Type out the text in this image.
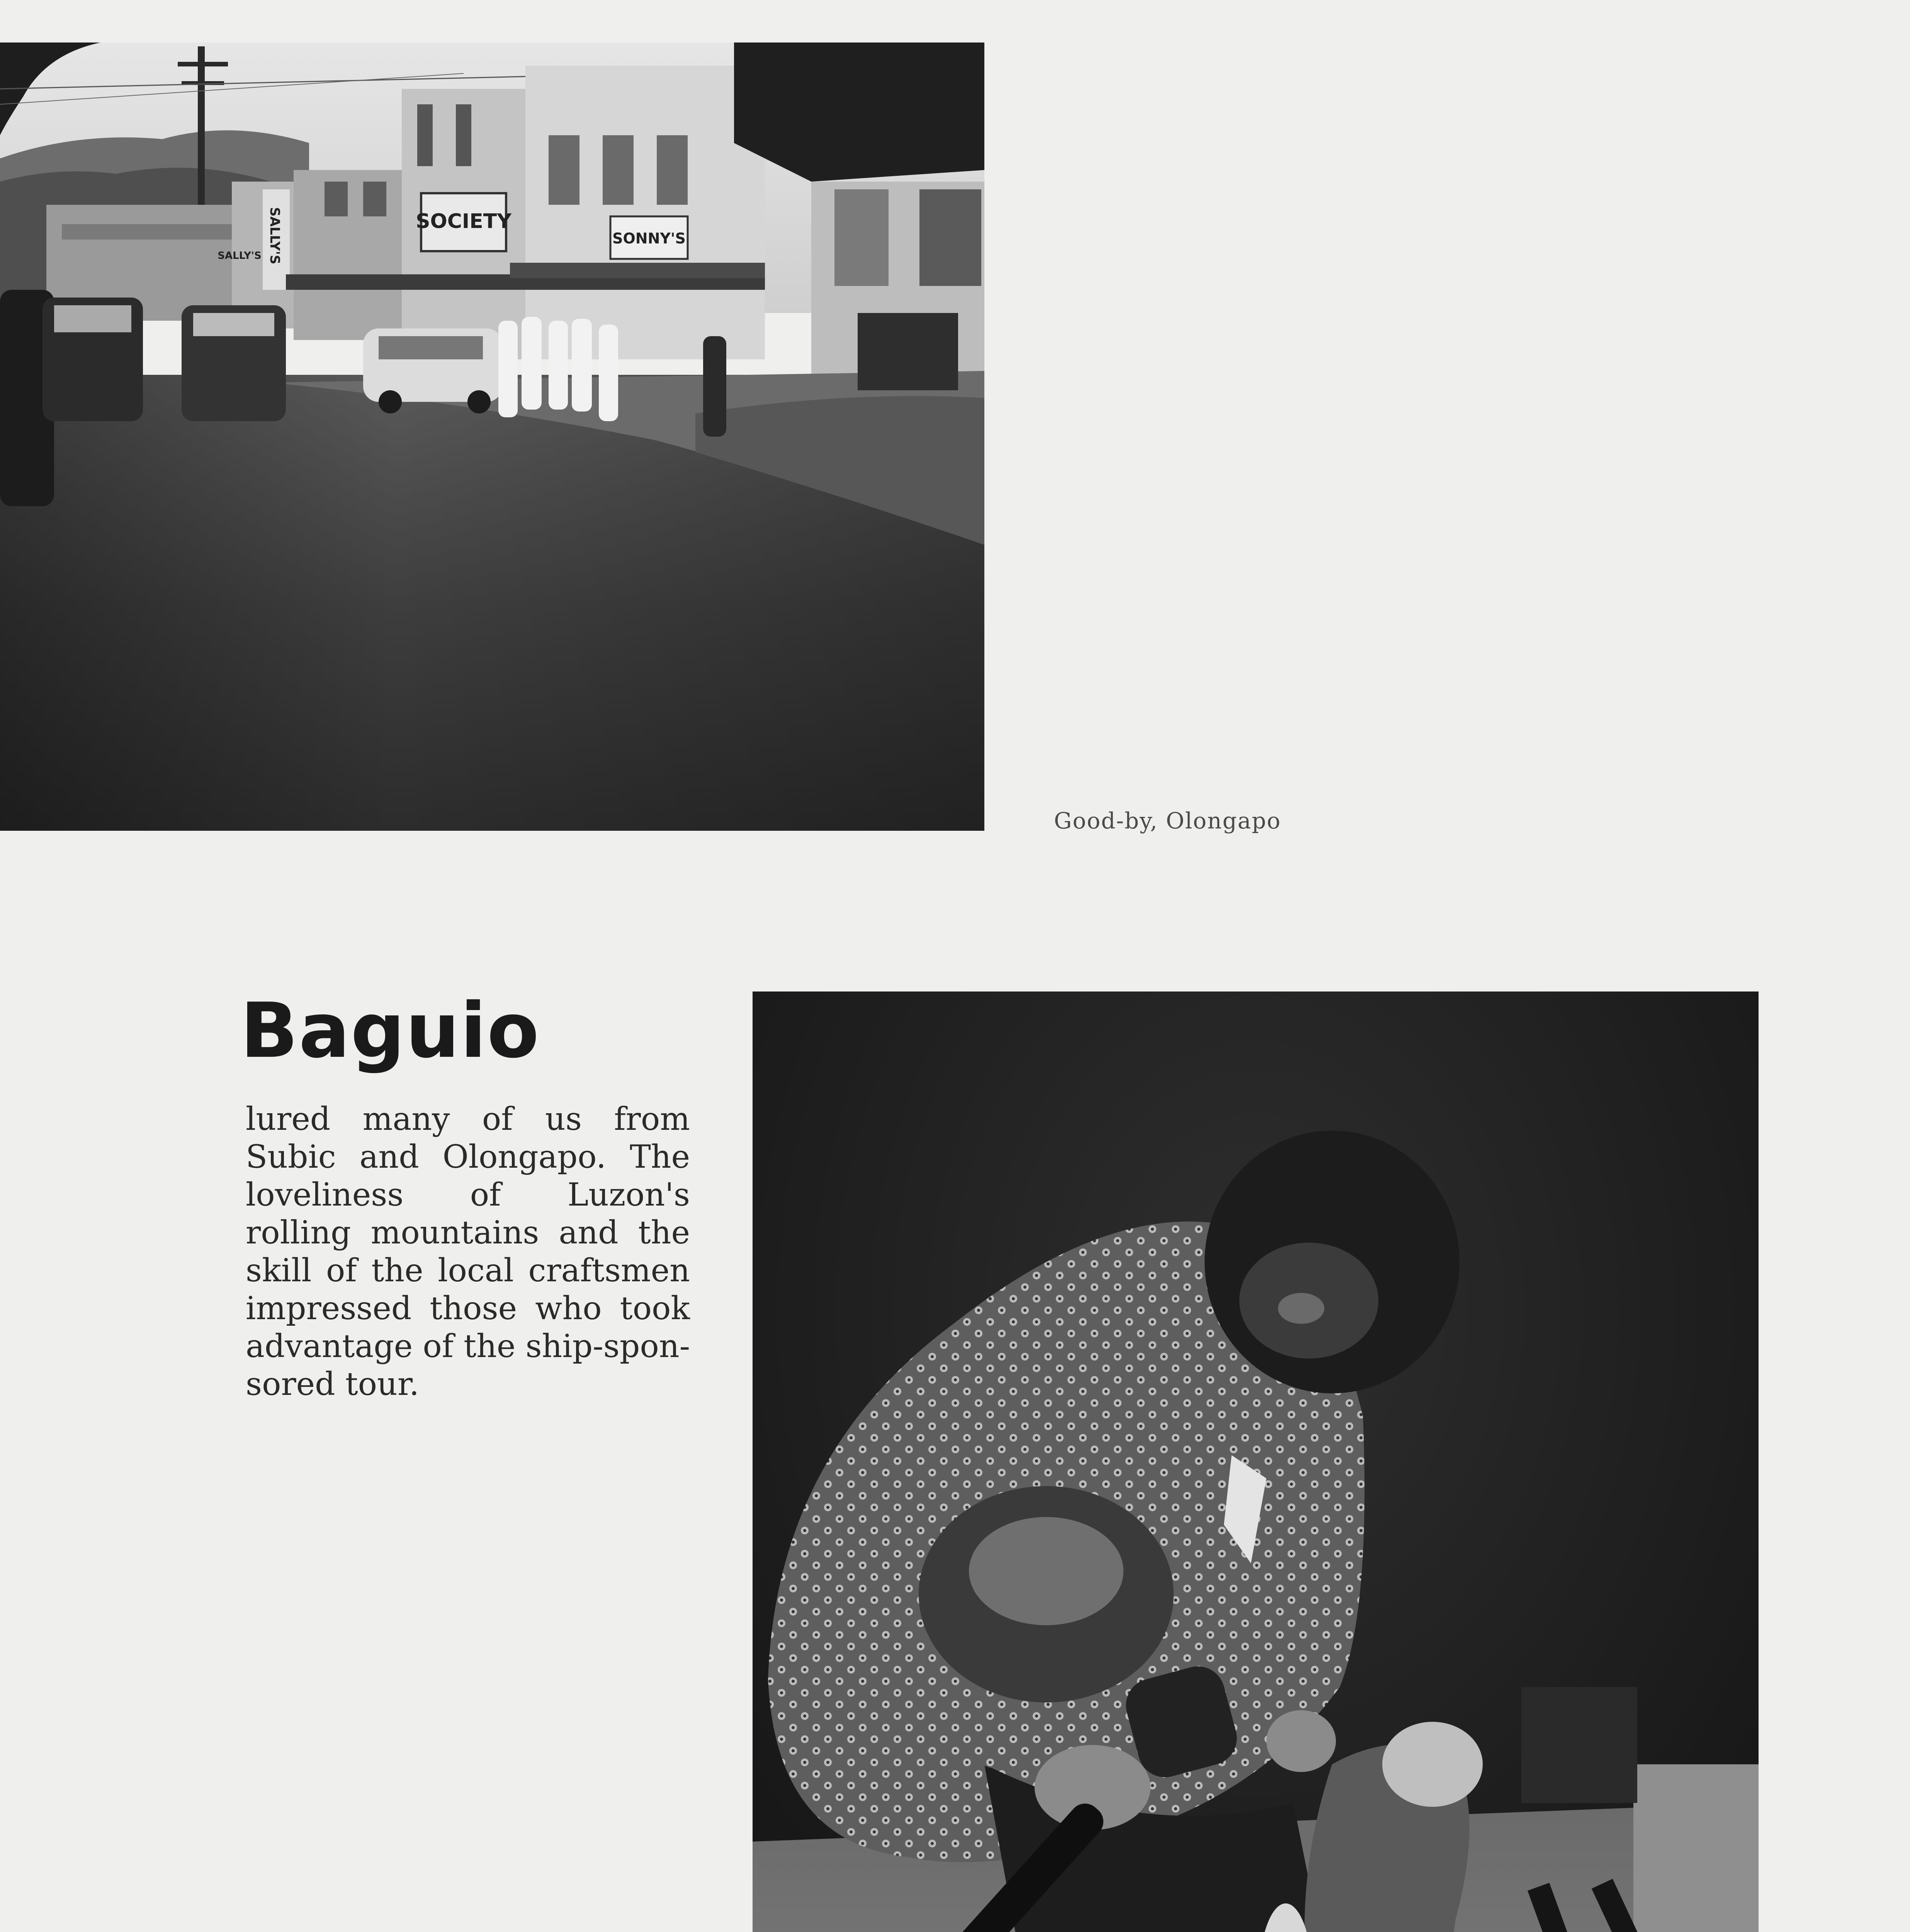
SOCIETY
SONNY'S
SALLY'S
SALLY'S
Good-by, Olongapo
Baguio
lured many of us from
Subic and Olongapo. The
loveliness of Luzon's
rolling mountains and the
skill of the local craftsmen
impressed those who took
advantage of the ship-spon-
sored tour.
